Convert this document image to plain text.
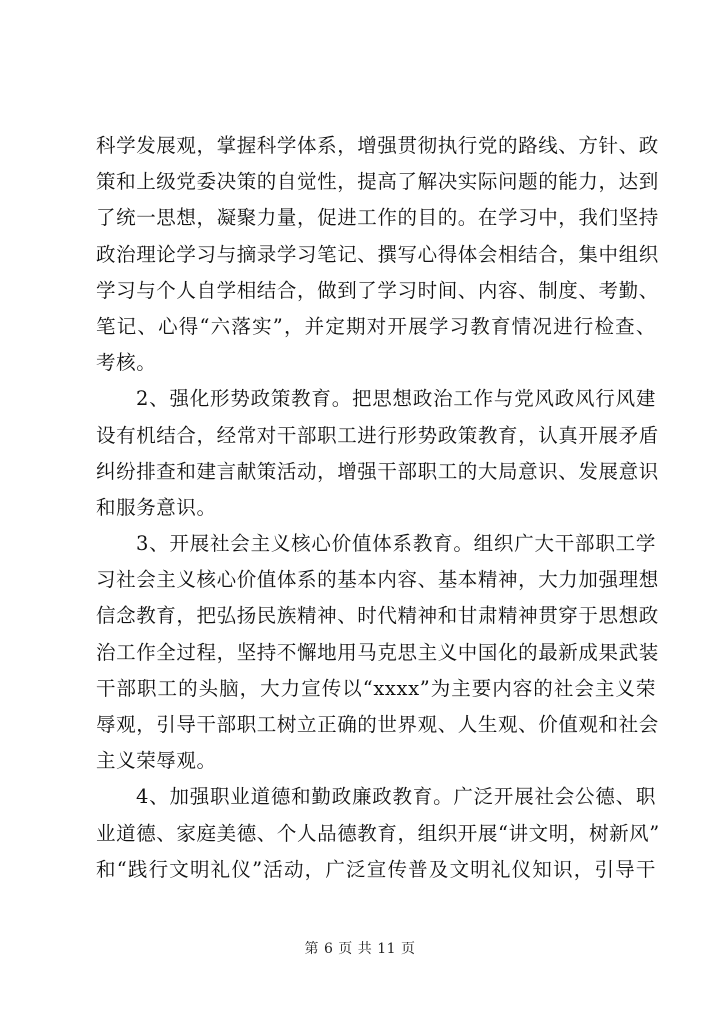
科学发展观，掌握科学体系，增强贯彻执行党的路线、方针、政
策和上级党委决策的自觉性，提高了解决实际问题的能力，达到
了统一思想，凝聚力量，促进工作的目的。在学习中，我们坚持
政治理论学习与摘录学习笔记、撰写心得体会相结合，集中组织
学习与个人自学相结合，做到了学习时间、内容、制度、考勤、
笔记、心得“六落实”，并定期对开展学习教育情况进行检查、
考核。
2、强化形势政策教育。把思想政治工作与党风政风行风建
设有机结合，经常对干部职工进行形势政策教育，认真开展矛盾
纠纷排查和建言献策活动，增强干部职工的大局意识、发展意识
和服务意识。
3、开展社会主义核心价值体系教育。组织广大干部职工学
习社会主义核心价值体系的基本内容、基本精神，大力加强理想
信念教育，把弘扬民族精神、时代精神和甘肃精神贯穿于思想政
治工作全过程，坚持不懈地用马克思主义中国化的最新成果武装
干部职工的头脑，大力宣传以“xxxx”为主要内容的社会主义荣
辱观，引导干部职工树立正确的世界观、人生观、价值观和社会
主义荣辱观。
4、加强职业道德和勤政廉政教育。广泛开展社会公德、职
业道德、家庭美德、个人品德教育，组织开展“讲文明，树新风”
和“践行文明礼仪”活动，广泛宣传普及文明礼仪知识，引导干
第 6 页 共 11 页
